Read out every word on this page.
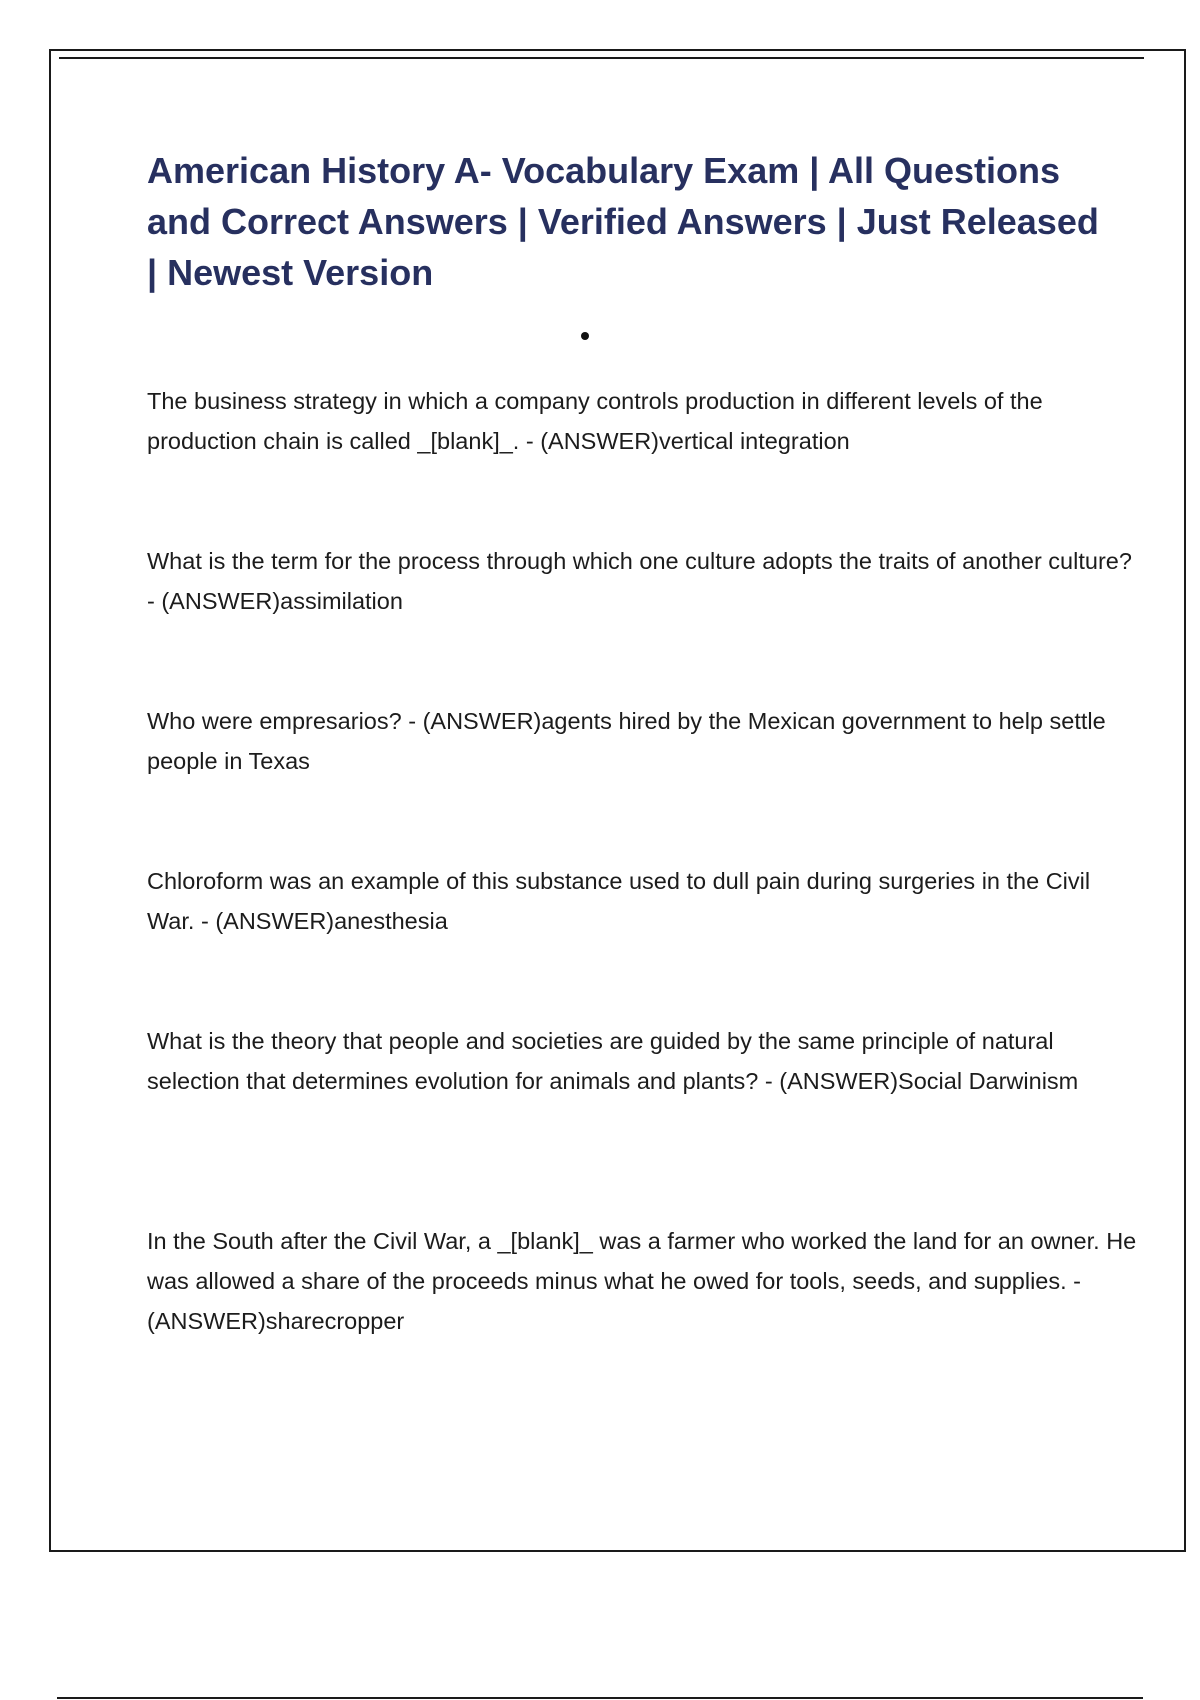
American History A- Vocabulary Exam | All Questions and Correct Answers | Verified Answers | Just Released | Newest Version

The business strategy in which a company controls production in different levels of the production chain is called _[blank]_. - (ANSWER)vertical integration

What is the term for the process through which one culture adopts the traits of another culture? - (ANSWER)assimilation

Who were empresarios? - (ANSWER)agents hired by the Mexican government to help settle people in Texas

Chloroform was an example of this substance used to dull pain during surgeries in the Civil War. - (ANSWER)anesthesia

What is the theory that people and societies are guided by the same principle of natural selection that determines evolution for animals and plants? - (ANSWER)Social Darwinism

In the South after the Civil War, a _[blank]_ was a farmer who worked the land for an owner. He was allowed a share of the proceeds minus what he owed for tools, seeds, and supplies. - (ANSWER)sharecropper
